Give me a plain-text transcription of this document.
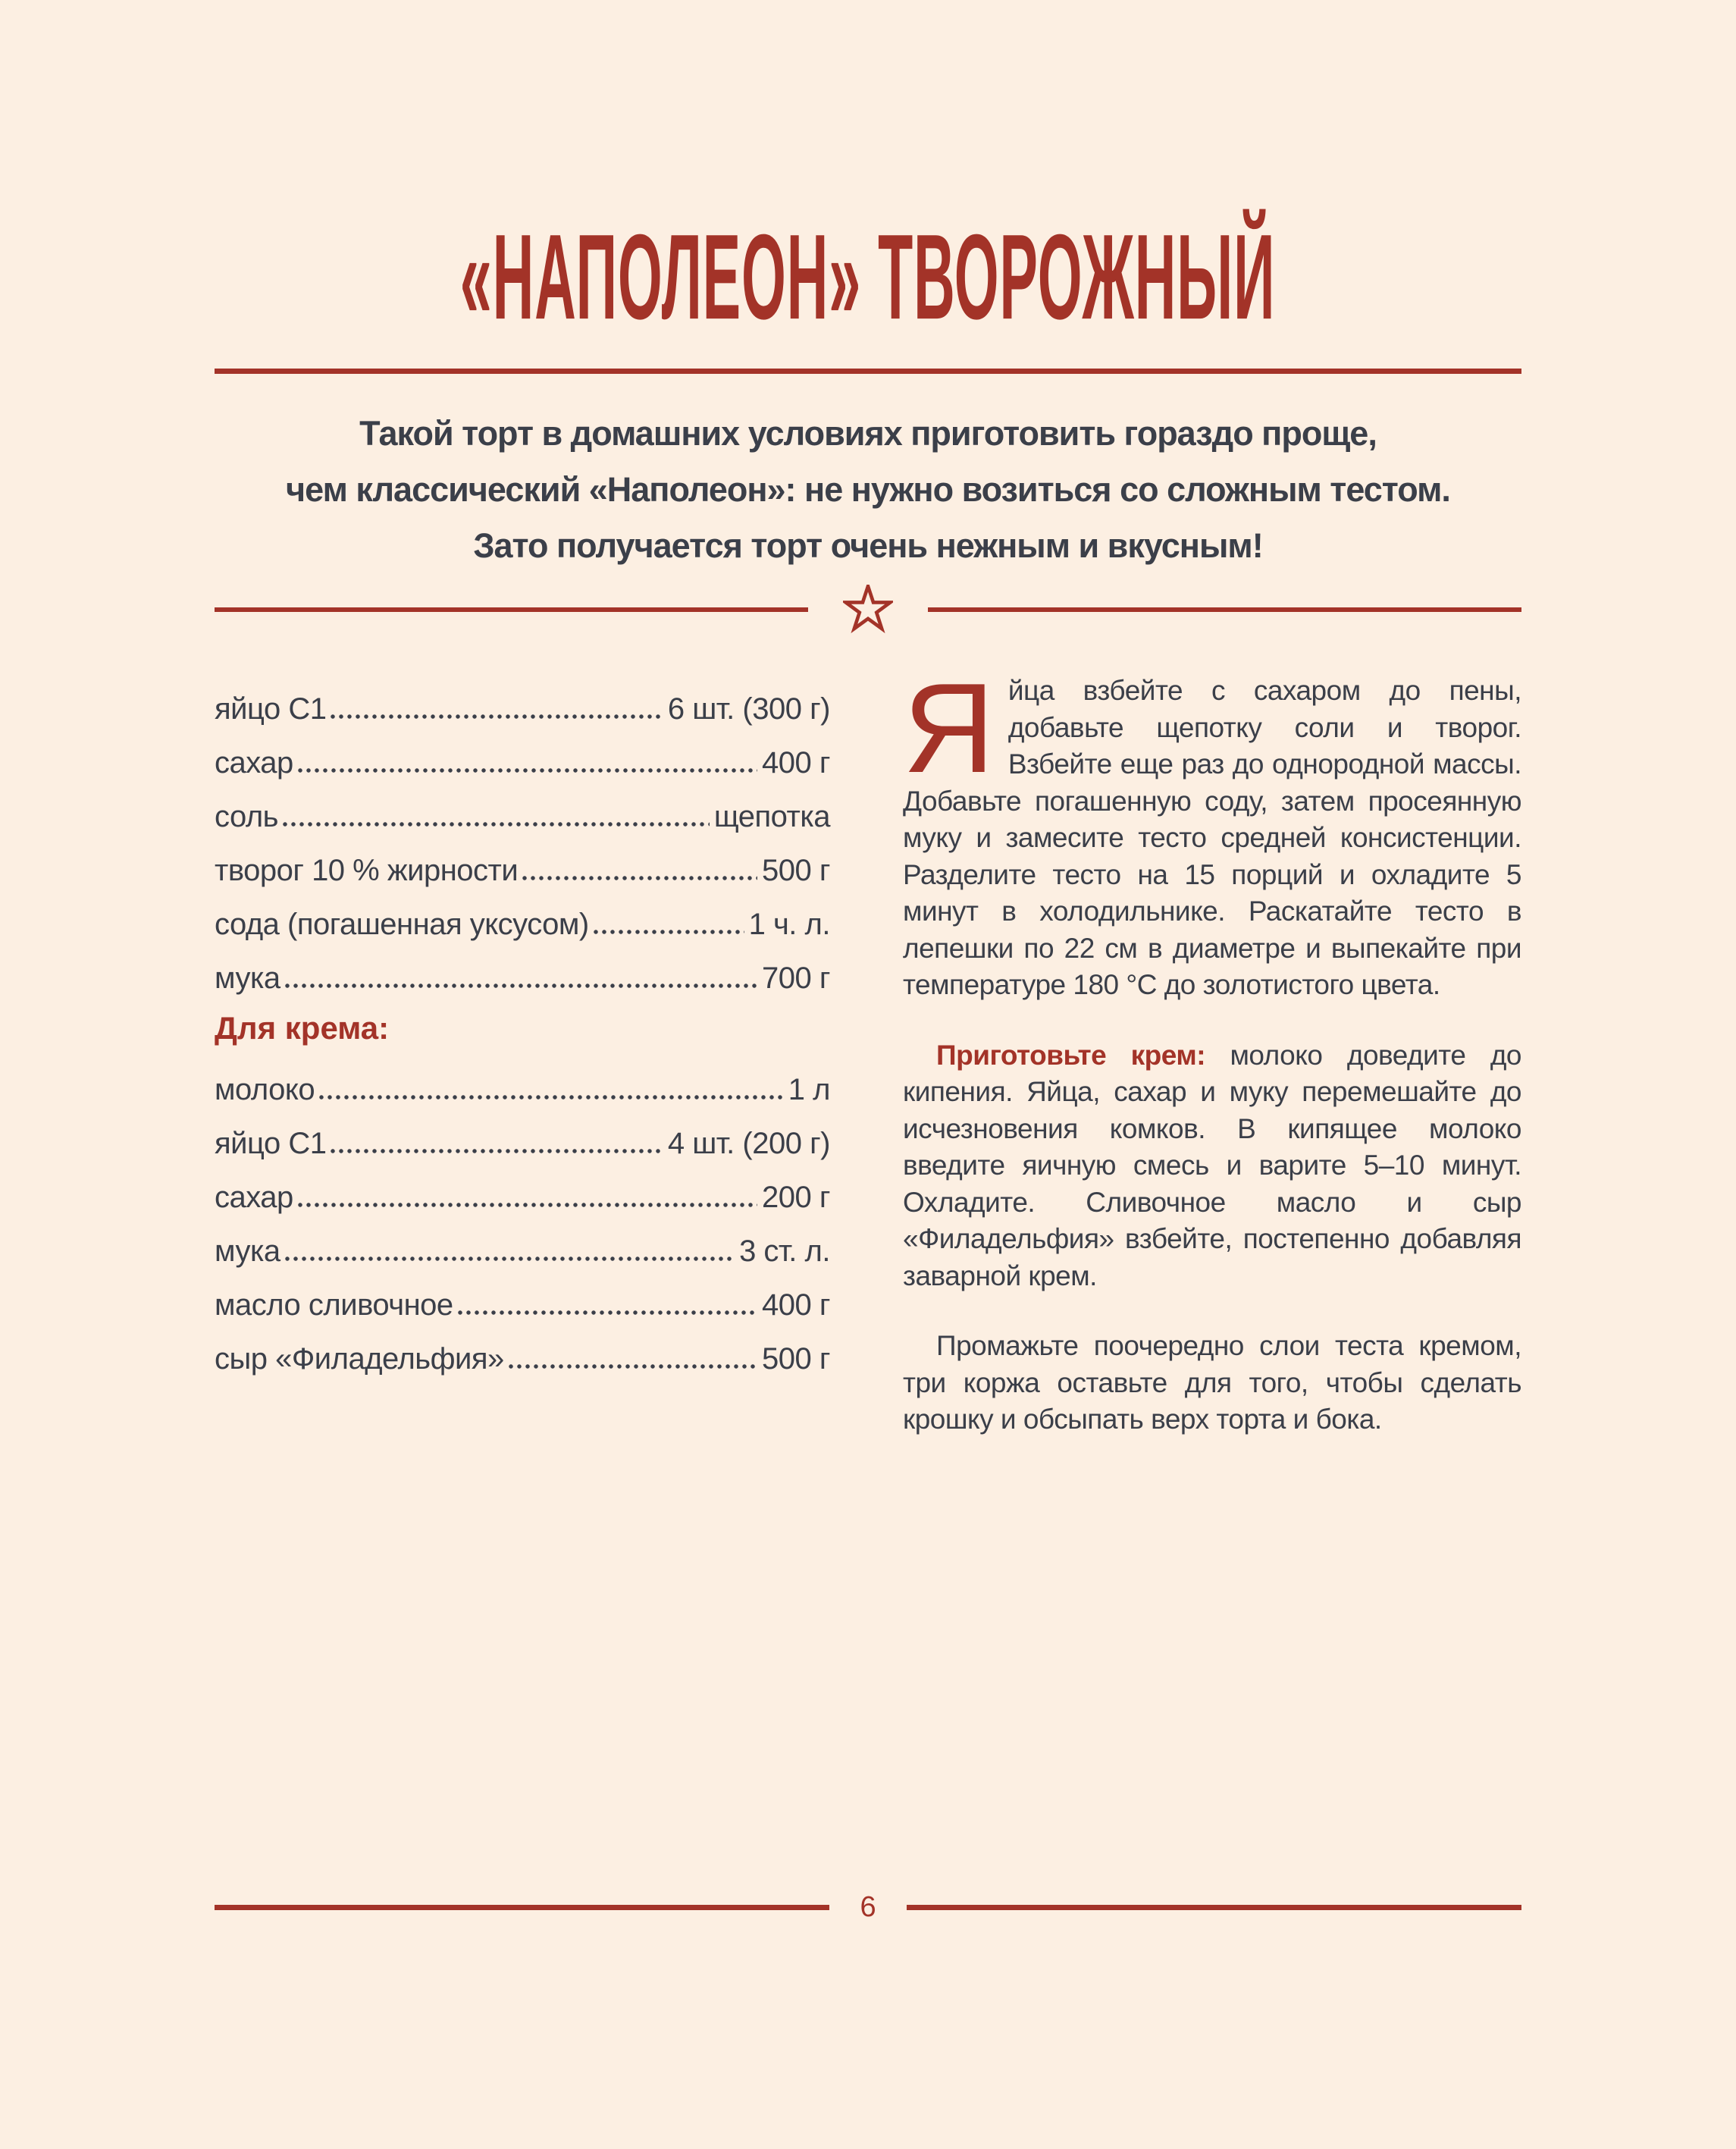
«НАПОЛЕОН» ТВОРОЖНЫЙ
Такой торт в домашних условиях приготовить гораздо проще,
чем классический «Наполеон»: не нужно возиться со сложным тестом.
Зато получается торт очень нежным и вкусным!
яйцо С1	6 шт. (300 г)
сахар	400 г
соль	щепотка
творог 10 % жирности	500 г
сода (погашенная уксусом)	1 ч. л.
мука	700 г
Для крема:
молоко	1 л
яйцо С1	4 шт. (200 г)
сахар	200 г
мука	3 ст. л.
масло сливочное	400 г
сыр «Филадельфия»	500 г

Яйца взбейте с сахаром до пены, добавьте щепотку соли и творог. Взбейте еще раз до однородной массы. Добавьте погашенную соду, затем просеянную муку и замесите тесто средней консистенции. Разделите тесто на 15 порций и охладите 5 минут в холодильнике. Раскатайте тесто в лепешки по 22 см в диаметре и выпекайте при температуре 180 °C до золотистого цвета.

Приготовьте крем: молоко доведите до кипения. Яйца, сахар и муку перемешайте до исчезновения комков. В кипящее молоко введите яичную смесь и варите 5–10 минут. Охладите. Сливочное масло и сыр «Филадельфия» взбейте, постепенно добавляя заварной крем.

Промажьте поочередно слои теста кремом, три коржа оставьте для того, чтобы сделать крошку и обсыпать верх торта и бока.

6
